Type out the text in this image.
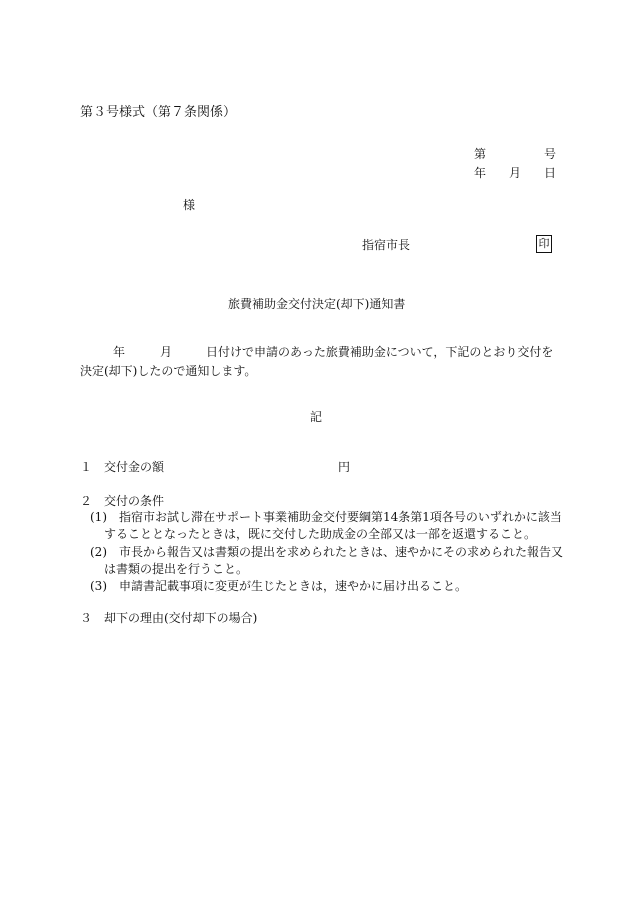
第３号様式（第７条関係）
第	号
年 月 日
様
指宿市長	印
旅費補助金交付決定(却下)通知書
年	月	日付けで申請のあった旅費補助金について，下記のとおり交付を
決定(却下)したので通知します。
記
１　交付金の額	円
２　交付の条件
(1) 指宿市お試し滞在サポート事業補助金交付要綱第14条第1項各号のいずれかに該当
することとなったときは，既に交付した助成金の全部又は一部を返還すること。
(2) 市長から報告又は書類の提出を求められたときは、速やかにその求められた報告又
は書類の提出を行うこと。
(3) 申請書記載事項に変更が生じたときは，速やかに届け出ること。
３　却下の理由(交付却下の場合)
